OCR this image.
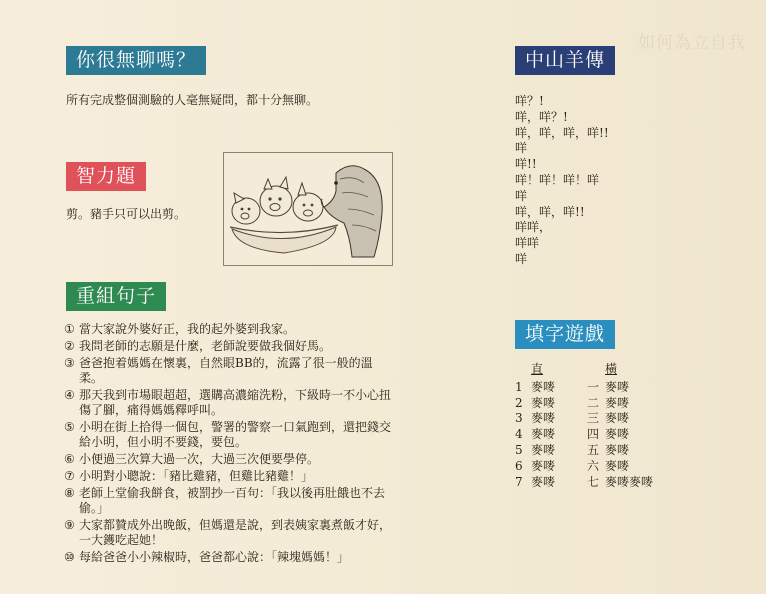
如何為立自我
你很無聊嗎？
所有完成整個測驗的人毫無疑問，都十分無聊。
智力題
剪。豬手只可以出剪。
重組句子
① 當大家說外婆好正，我的起外婆到我家。
② 我問老師的志願是什麼，老師說要做我個好馬。
③ 爸爸抱着媽媽在懷裏，自然眼BB的，流露了很一般的溫柔。
④ 那天我到市場眼超超，選購高濃縮洗粉，下級時一不小心扭傷了腳，痛得媽媽釋呼叫。
⑤ 小明在街上拾得一個包，警署的警察一口氣跑到，還把錢交給小明，但小明不要錢，要包。
⑥ 小便過三次算大過一次，大過三次便要學停。
⑦ 小明對小聰說：「豬比雞豬，但雞比豬雞！」
⑧ 老師上堂偷我餅食，被罰抄一百句：「我以後再肚餓也不去偷。」
⑨ 大家都贊成外出晚飯，但媽還是說，到表姨家裏煮飯才好，一大鑊吃起她！
⑩ 每給爸爸小小辣椒時，爸爸都心說：「辣塊媽媽！」
中山羊傳
咩？!
咩，咩？!
咩，咩，咩，咩!!
咩
咩!!
咩！咩！咩！咩
咩
咩，咩，咩!!
咩咩，
咩咩
咩
填字遊戲
直	橫
1 麥嘜	一 麥嘜
2 麥嘜	二 麥嘜
3 麥嘜	三 麥嘜
4 麥嘜	四 麥嘜
5 麥嘜	五 麥嘜
6 麥嘜	六 麥嘜
7 麥嘜	七 麥嘜麥嘜
